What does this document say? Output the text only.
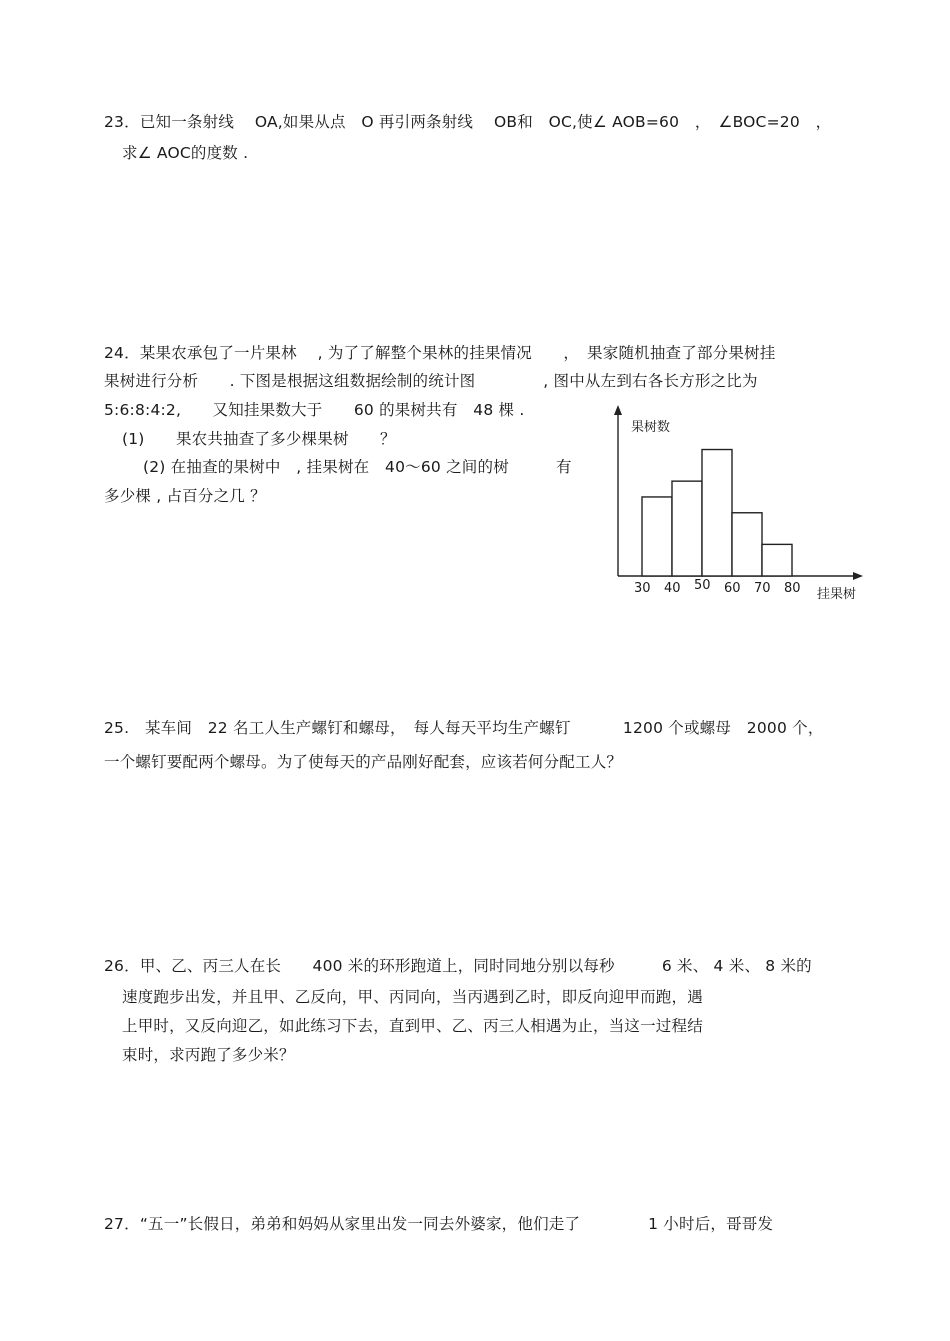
23．已知一条射线　 OA,如果从点　O 再引两条射线　 OB和　OC,使∠ AOB=60　，　∠BOC=20　，
求∠ AOC的度数 .
24．某果农承包了一片果林　 , 为了了解整个果林的挂果情况　　，　果家随机抽查了部分果树挂
果树进行分析　　. 下图是根据这组数据绘制的统计图　　　　 , 图中从左到右各长方形之比为
5:6:8:4:2,　　又知挂果数大于　　60 的果树共有　48 棵 .
(1)　　果农共抽查了多少棵果树　　？
(2) 在抽查的果树中　, 挂果树在　40～60 之间的树　　　有
多少棵 , 占百分之几 ？
果树数
挂果树
30 40 50 60 70 80
25.　某车间　22 名工人生产螺钉和螺母，　每人每天平均生产螺钉　　　 1200 个或螺母　2000 个，
一个螺钉要配两个螺母。为了使每天的产品刚好配套，应该若何分配工人？
26．甲、乙、丙三人在长　　400 米的环形跑道上，同时同地分别以每秒　　　6 米、 4 米、 8 米的
速度跑步出发，并且甲、乙反向，甲、丙同向，当丙遇到乙时，即反向迎甲而跑，遇
上甲时，又反向迎乙，如此练习下去，直到甲、乙、丙三人相遇为止，当这一过程结
束时，求丙跑了多少米？
27．“五一”长假日，弟弟和妈妈从家里出发一同去外婆家，他们走了　　　　 1 小时后，哥哥发
